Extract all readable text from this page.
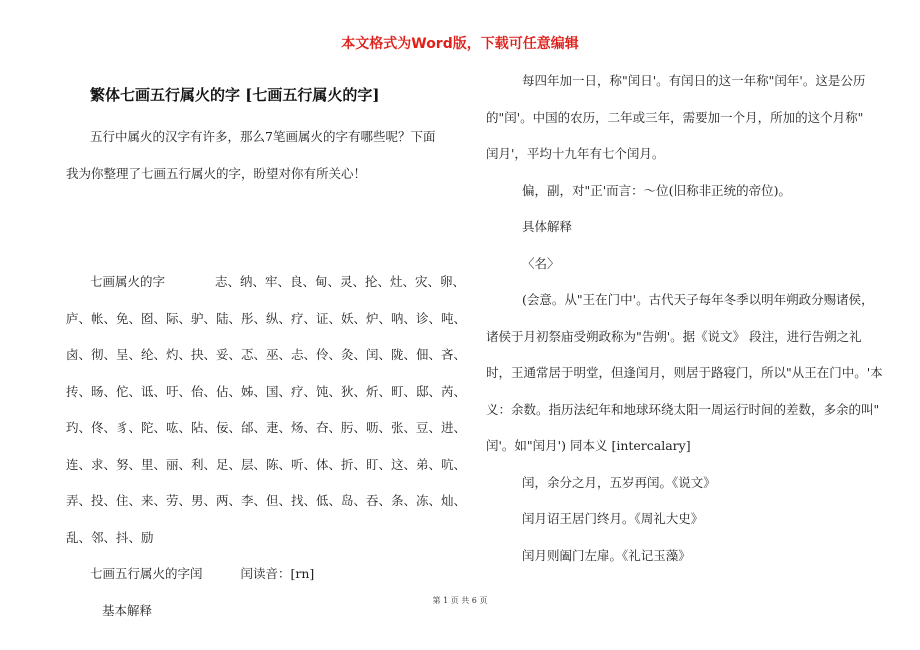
本文格式为Word版，下载可任意编辑
繁体七画五行属火的字 [七画五行属火的字]
五行中属火的汉字有许多，那么7笔画属火的字有哪些呢？下面
我为你整理了七画五行属火的字，盼望对你有所关心！
七画属火的字	志、纳、牢、良、甸、灵、抡、灶、灾、卵、
庐、帐、免、囵、际、驴、陆、彤、纵、疗、证、妖、炉、呐、诊、吨、
卤、彻、呈、纶、灼、抉、妥、忑、巫、忐、伶、灸、闰、陇、佃、吝、
抟、旸、佗、诋、吁、佁、佔、姊、国、疗、饨、狄、炘、町、邸、芮、
玓、佟、豸、陀、吰、阽、佞、邰、疌、炀、夻、肟、呖、张、豆、进、
连、求、努、里、丽、利、足、层、陈、听、体、折、盯、这、弟、吭、
弄、投、住、来、劳、男、两、李、但、找、低、岛、吞、条、冻、灿、
乱、邻、抖、励
七画五行属火的字闰	闰读音：[rn]
基本解释
每四年加一日，称"闰日'。有闰日的这一年称"闰年'。这是公历
的"闰'。中国的农历，二年或三年，需要加一个月，所加的这个月称"
闰月'，平均十九年有七个闰月。
偏，副，对"正'而言：～位(旧称非正统的帝位)。
具体解释
〈名〉
(会意。从"王在门中'。古代天子每年冬季以明年朔政分赐诸侯，
诸侯于月初祭庙受朔政称为"告朔'。据《说文》 段注，进行告朔之礼
时，王通常居于明堂，但逢闰月，则居于路寝门，所以"从王在门中。'本
义：余数。指历法纪年和地球环绕太阳一周运行时间的差数，多余的叫"
闰'。如"闰月') 同本义 [intercalary]
闰，余分之月，五岁再闰。《说文》
闰月诏王居门终月。《周礼大史》
闰月则阖门左扉。《礼记玉藻》
第 1 页 共 6 页
